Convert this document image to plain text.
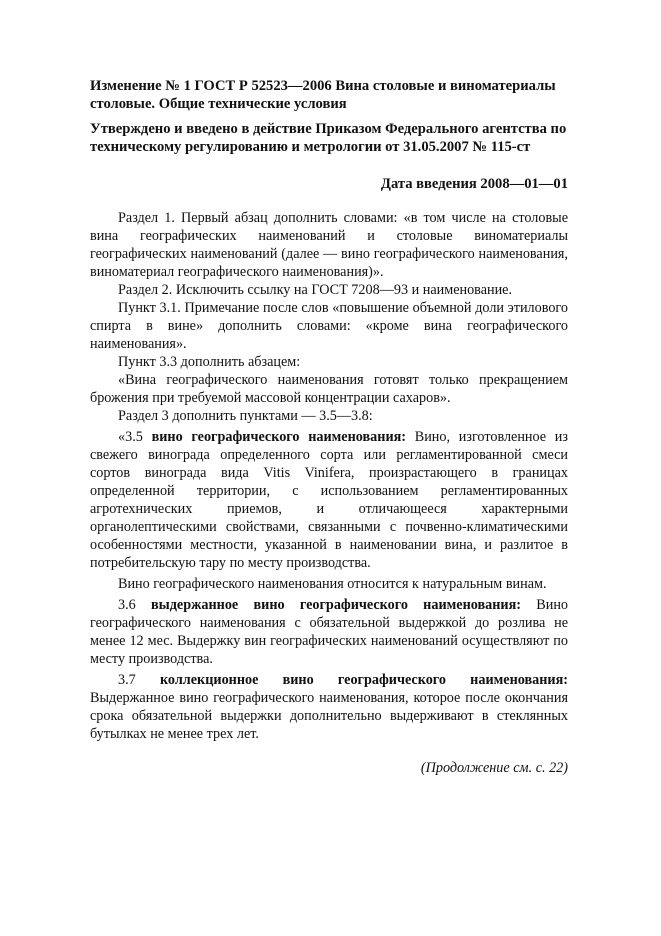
Изменение № 1 ГОСТ Р 52523—2006 Вина столовые и виноматериалы столовые. Общие технические условия
Утверждено и введено в действие Приказом Федерального агентства по техническому регулированию и метрологии от 31.05.2007 № 115-ст
Дата введения 2008—01—01

Раздел 1. Первый абзац дополнить словами: «в том числе на столовые вина географических наименований и столовые виноматериалы географических наименований (далее — вино географического наименования, виноматериал географического наименования)».

Раздел 2. Исключить ссылку на ГОСТ 7208—93 и наименование.

Пункт 3.1. Примечание после слов «повышение объемной доли этилового спирта в вине» дополнить словами: «кроме вина географического наименования».

Пункт 3.3 дополнить абзацем:

«Вина географического наименования готовят только прекращением брожения при требуемой массовой концентрации сахаров».

Раздел 3 дополнить пунктами — 3.5—3.8:

«3.5 вино географического наименования: Вино, изготовленное из свежего винограда определенного сорта или регламентированной смеси сортов винограда вида Vitis Vinifera, произрастающего в границах определенной территории, с использованием регламентированных агротехнических приемов, и отличающееся характерными органолептическими свойствами, связанными с почвенно-климатическими особенностями местности, указанной в наименовании вина, и разлитое в потребительскую тару по месту производства.

Вино географического наименования относится к натуральным винам.

3.6 выдержанное вино географического наименования: Вино географического наименования с обязательной выдержкой до розлива не менее 12 мес. Выдержку вин географических наименований осуществляют по месту производства.

3.7 коллекционное вино географического наименования: Выдержанное вино географического наименования, которое после окончания срока обязательной выдержки дополнительно выдерживают в стеклянных бутылках не менее трех лет.

(Продолжение см. с. 22)
